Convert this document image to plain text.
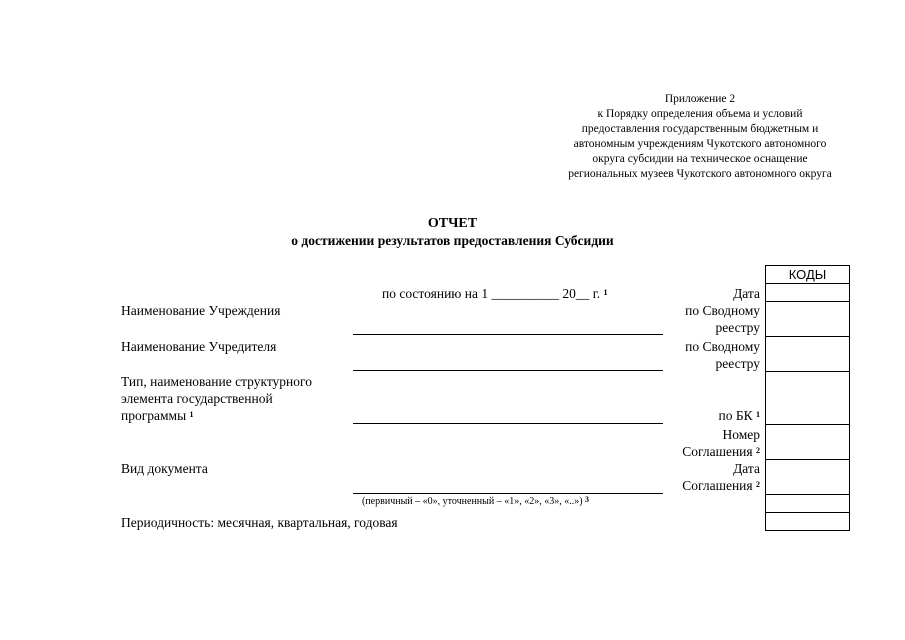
Приложение 2
к Порядку определения объема и условий
предоставления государственным бюджетным и
автономным учреждениям Чукотского автономного
округа субсидии на техническое оснащение
региональных музеев Чукотского автономного округа
ОТЧЕТ
о достижении результатов предоставления Субсидии
по состоянию на 1 __________ 20__ г. $^1$
Наименование Учреждения
Наименование Учредителя
Тип, наименование структурного
элемента государственной
программы $^1$
Вид документа
Периодичность: месячная, квартальная, годовая
(первичный – «0», уточненный – «1», «2», «3», «..») $^3$
Дата
по Сводному
реестру
по Сводному
реестру
по БК $^1$
Номер
Соглашения $^2$
Дата
Соглашения $^2$
КОДЫ
